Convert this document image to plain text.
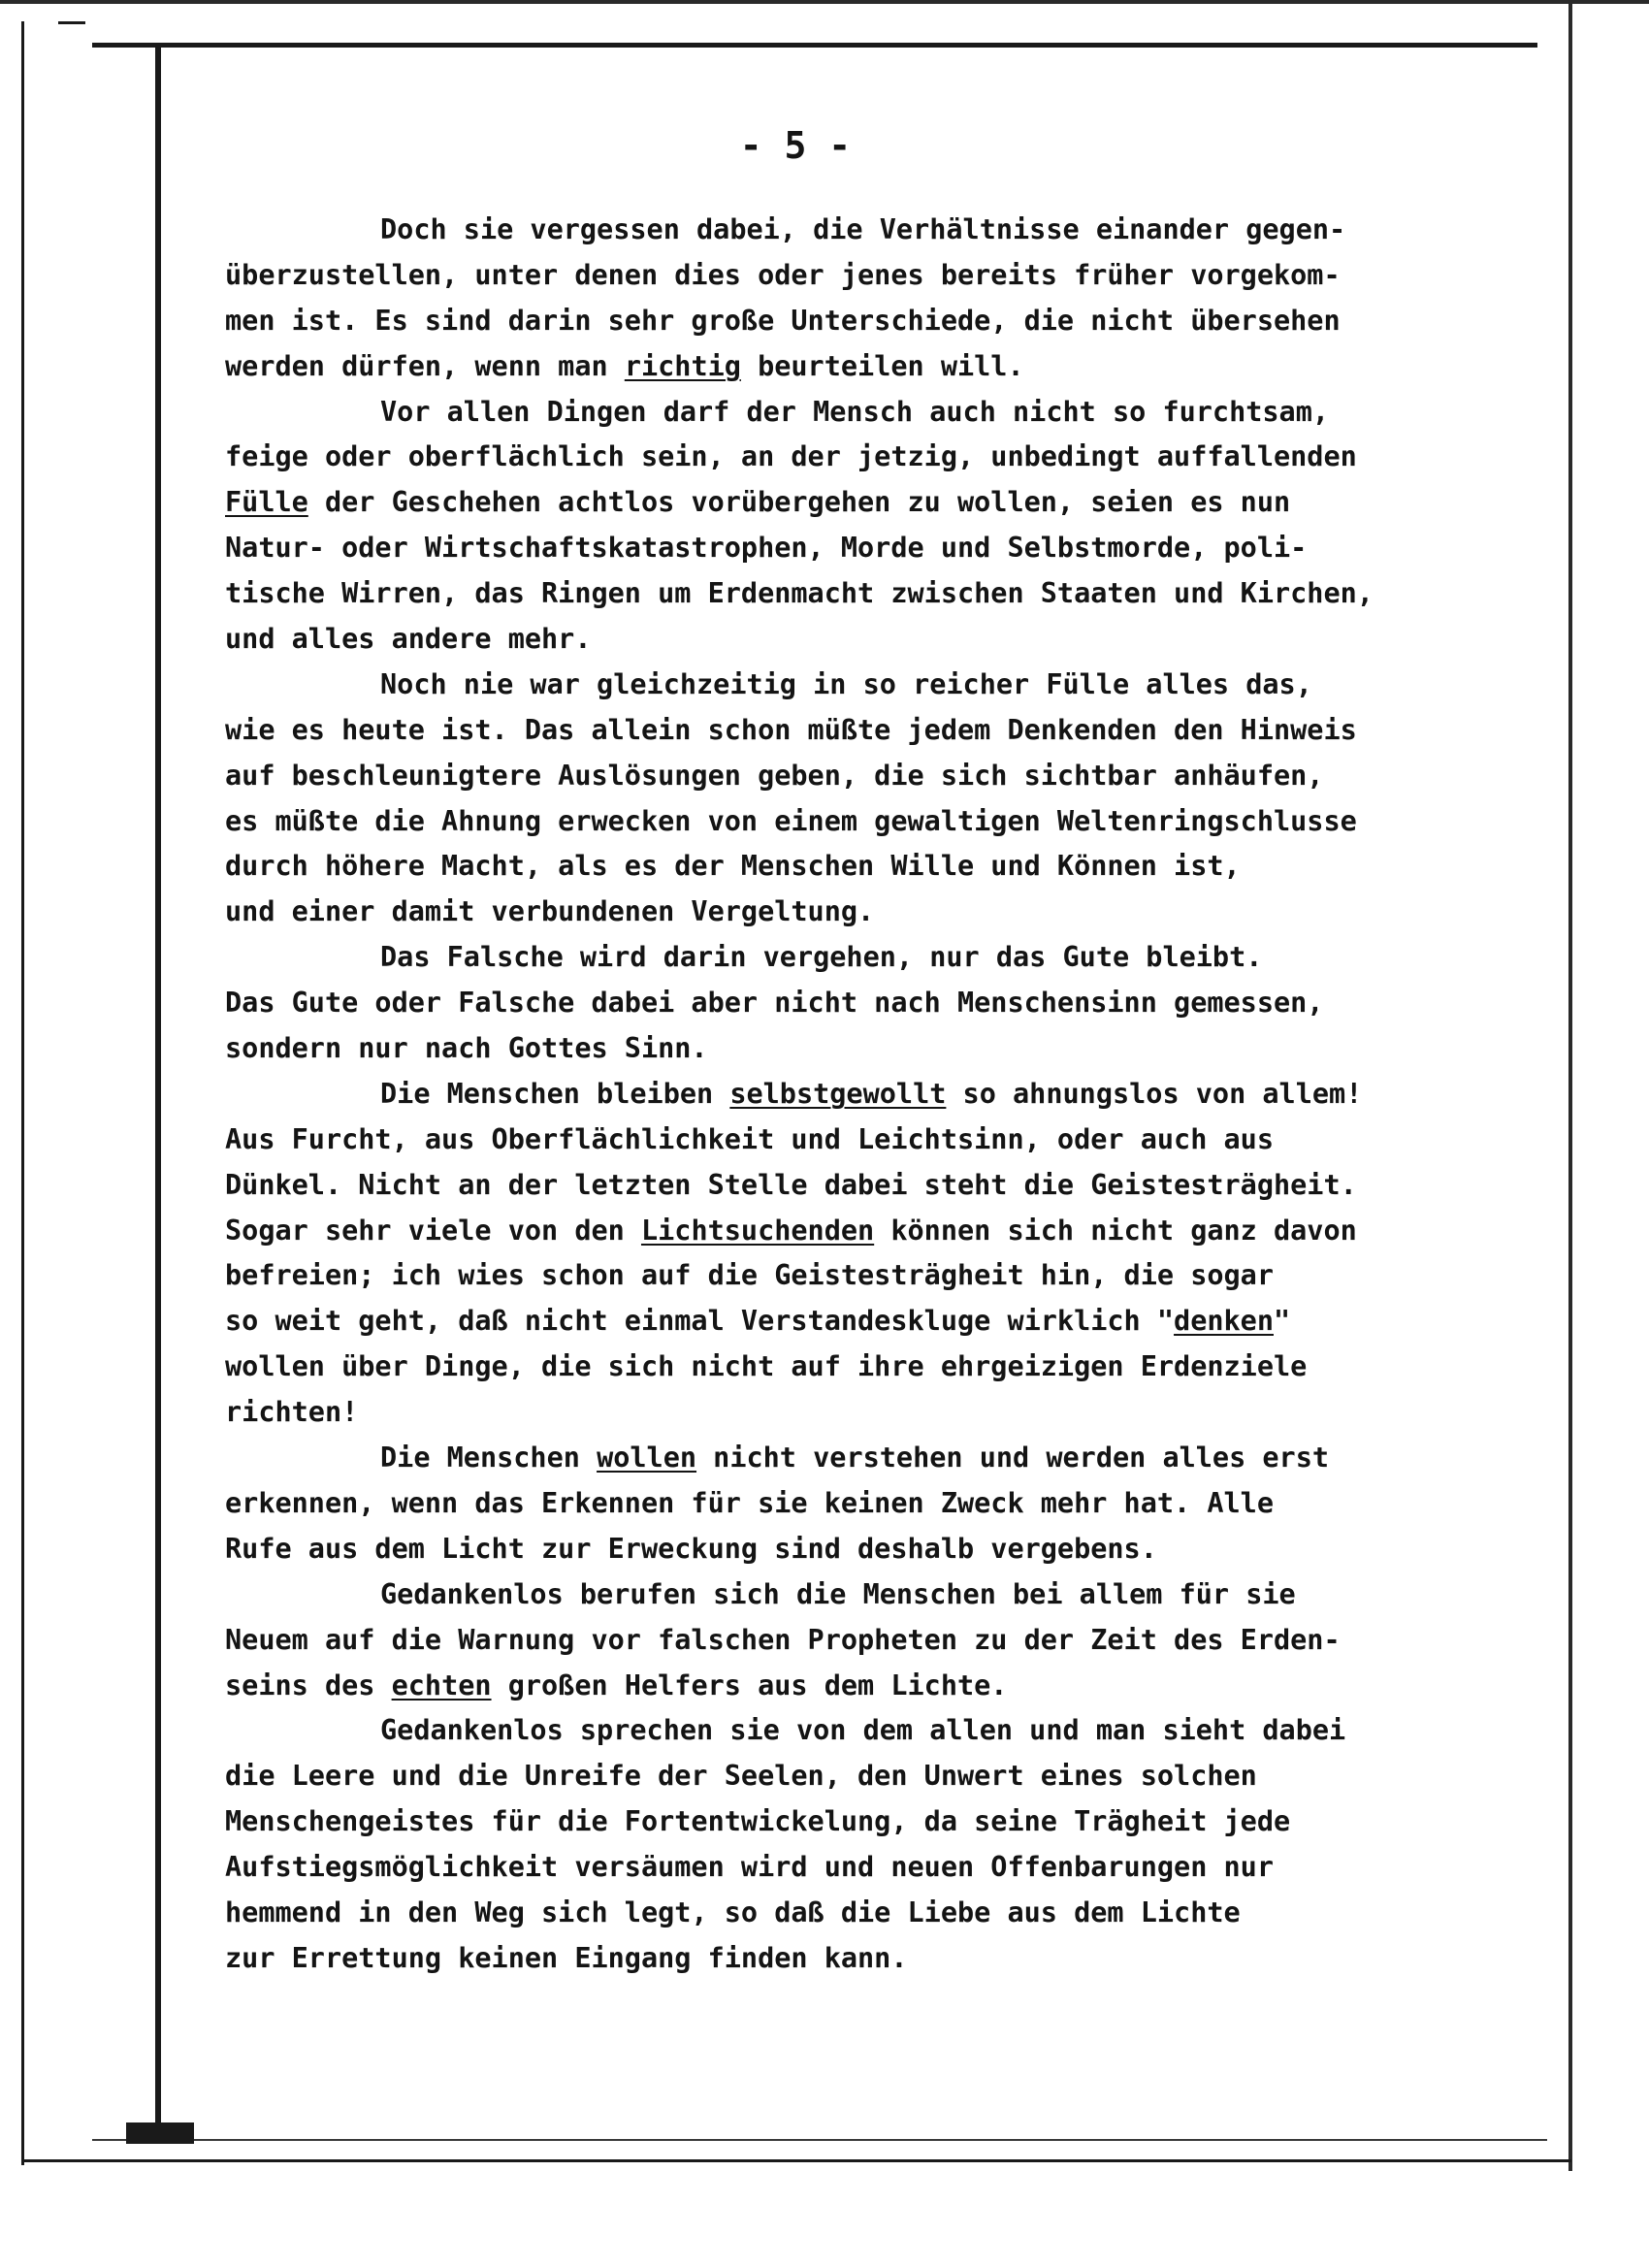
- 5 -
Doch sie vergessen dabei, die Verhältnisse einander gegen-
überzustellen, unter denen dies oder jenes bereits früher vorgekom-
men ist. Es sind darin sehr große Unterschiede, die nicht übersehen
werden dürfen, wenn man richtig beurteilen will.
Vor allen Dingen darf der Mensch auch nicht so furchtsam,
feige oder oberflächlich sein, an der jetzig, unbedingt auffallenden
Fülle der Geschehen achtlos vorübergehen zu wollen, seien es nun
Natur- oder Wirtschaftskatastrophen, Morde und Selbstmorde, poli-
tische Wirren, das Ringen um Erdenmacht zwischen Staaten und Kirchen,
und alles andere mehr.
Noch nie war gleichzeitig in so reicher Fülle alles das,
wie es heute ist. Das allein schon müßte jedem Denkenden den Hinweis
auf beschleunigtere Auslösungen geben, die sich sichtbar anhäufen,
es müßte die Ahnung erwecken von einem gewaltigen Weltenringschlusse
durch höhere Macht, als es der Menschen Wille und Können ist,
und einer damit verbundenen Vergeltung.
Das Falsche wird darin vergehen, nur das Gute bleibt.
Das Gute oder Falsche dabei aber nicht nach Menschensinn gemessen,
sondern nur nach Gottes Sinn.
Die Menschen bleiben selbstgewollt so ahnungslos von allem!
Aus Furcht, aus Oberflächlichkeit und Leichtsinn, oder auch aus
Dünkel. Nicht an der letzten Stelle dabei steht die Geistesträgheit.
Sogar sehr viele von den Lichtsuchenden können sich nicht ganz davon
befreien; ich wies schon auf die Geistesträgheit hin, die sogar
so weit geht, daß nicht einmal Verstandeskluge wirklich "denken"
wollen über Dinge, die sich nicht auf ihre ehrgeizigen Erdenziele
richten!
Die Menschen wollen nicht verstehen und werden alles erst
erkennen, wenn das Erkennen für sie keinen Zweck mehr hat. Alle
Rufe aus dem Licht zur Erweckung sind deshalb vergebens.
Gedankenlos berufen sich die Menschen bei allem für sie
Neuem auf die Warnung vor falschen Propheten zu der Zeit des Erden-
seins des echten großen Helfers aus dem Lichte.
Gedankenlos sprechen sie von dem allen und man sieht dabei
die Leere und die Unreife der Seelen, den Unwert eines solchen
Menschengeistes für die Fortentwickelung, da seine Trägheit jede
Aufstiegsmöglichkeit versäumen wird und neuen Offenbarungen nur
hemmend in den Weg sich legt, so daß die Liebe aus dem Lichte
zur Errettung keinen Eingang finden kann.
